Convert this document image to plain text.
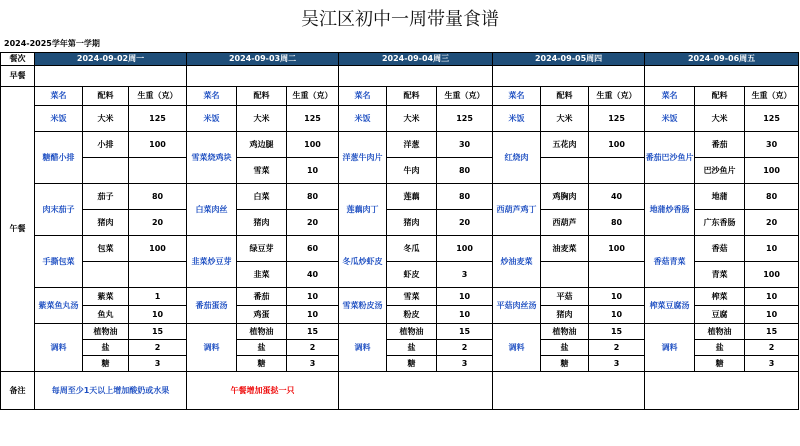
吴江区初中一周带量食谱
2024-2025学年第一学期
餐次	2024-09-02周一			2024-09-03周二			2024-09-04周三			2024-09-05周四			2024-09-06周五		
早餐															
午餐	菜名	配料	生重（克）	菜名	配料	生重（克）	菜名	配料	生重（克）	菜名	配料	生重（克）	菜名	配料	生重（克）
	米饭	大米	125	米饭	大米	125	米饭	大米	125	米饭	大米	125	米饭	大米	125
	糖醋小排	小排	100	雪菜烧鸡块	鸡边腿	100	洋葱牛肉片	洋葱	30	红烧肉	五花肉	100	番茄巴沙鱼片	番茄	30
					雪菜	10		牛肉	80					巴沙鱼片	100
	肉末茄子	茄子	80	白菜肉丝	白菜	80	莲藕肉丁	莲藕	80	西葫芦鸡丁	鸡胸肉	40	地蒲炒香肠	地蒲	80
		猪肉	20		猪肉	20		猪肉	20		西葫芦	80		广东香肠	20
	手撕包菜	包菜	100	韭菜炒豆芽	绿豆芽	60	冬瓜炒虾皮	冬瓜	100	炒油麦菜	油麦菜	100	香菇青菜	香菇	10
					韭菜	40		虾皮	3					青菜	100
	紫菜鱼丸汤	紫菜	1	番茄蛋汤	番茄	10	雪菜粉皮汤	雪菜	10	平菇肉丝汤	平菇	10	榨菜豆腐汤	榨菜	10
		鱼丸	10		鸡蛋	10		粉皮	10		猪肉	10		豆腐	10
	调料	植物油	15	调料	植物油	15	调料	植物油	15	调料	植物油	15	调料	植物油	15
		盐	2		盐	2		盐	2		盐	2		盐	2
		糖	3		糖	3		糖	3		糖	3		糖	3
备注	每周至少1天以上增加酸奶或水果			午餐增加蛋挞一只											
